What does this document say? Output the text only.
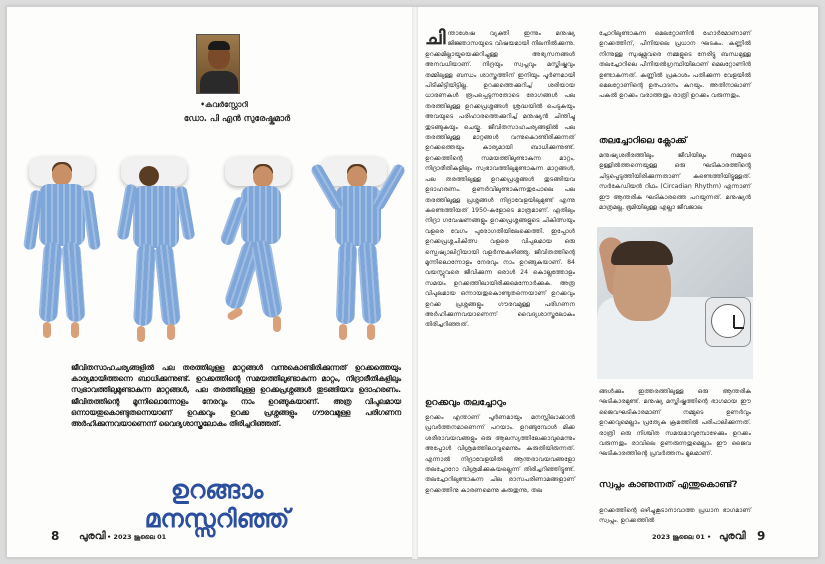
•കവർസ്റ്റോറി
ഡോ. പി എൻ സുരേഷ്കുമാർ
ജീവിതസാഹചര്യങ്ങളിൽ പല തരത്തിലുള്ള മാറ്റങ്ങൾ വന്നുകൊണ്ടിരിക്കുന്നത് ഉറക്കത്തെയും കാര്യമായിത്തന്നെ ബാധിക്കുന്നുണ്ട്. ഉറക്കത്തിന്റെ സമയത്തിലുണ്ടാകുന്ന മാറ്റം, നിദ്രാരീതികളിലും സ്വഭാവത്തിലുമുണ്ടാകുന്ന മാറ്റങ്ങൾ, പല തരത്തിലുള്ള ഉറക്കപ്രശ്നങ്ങൾ തുടങ്ങിയവ ഉദാഹരണം. ജീവിതത്തിന്റെ മൂന്നിലൊന്നോളം നേരവും നാം ഉറങ്ങുകയാണ്. അത്ര വിപുലമായ ഒന്നായതുകൊണ്ടുതന്നെയാണ് ഉറക്കവും ഉറക്ക പ്രശ്നങ്ങളും ഗൗരവമുള്ള പരിഗണന അർഹിക്കുന്നവയാണെന്ന് വൈദ്യശാസ്ത്രലോകം തിരിച്ചറിഞ്ഞത്.
ഉറങ്ങാം
മനസ്സറിഞ്ഞ്
8 പുരവി • 2023 ജൂലൈ 01
ചി ന്താശേഷ വ്യക്തി ഇന്നും മനുഷ്യ ജിജ്ഞാസയുടെ വിഷയമായി നിലനിൽക്കുന്നു. ഉറക്കമില്ലായ്മയെക്കുറിച്ചുള്ള അഭ്യസനങ്ങൾ അനവധിയാണ്. നിദ്രയും സ്വപ്നവും മസ്തിഷ്കവും തമ്മിലുള്ള ബന്ധം ശാസ്ത്രത്തിന് ഇനിയും പൂർണമായി പിടികിട്ടിയിട്ടില്ല. ഉറക്കത്തെക്കുറിച്ച് ശരിയായ ധാരണകൾ രൂപപ്പെടുന്നതോടെ രോഗങ്ങൾ പല തരത്തിലുള്ള ഉറക്കപ്രശ്നങ്ങൾ ശ്രദ്ധയിൽ പെടുകയും അവയുടെ പരിഹാരത്തെക്കുറിച്ച് മനുഷ്യൻ ചിന്തിച്ചു തുടങ്ങുകയും ചെയ്തു. ജീവിതസാഹചര്യങ്ങളിൽ പല തരത്തിലുള്ള മാറ്റങ്ങൾ വന്നുകൊണ്ടിരിക്കുന്നത് ഉറക്കത്തെയും കാര്യമായി ബാധിക്കുന്നുണ്ട്. ഉറക്കത്തിന്റെ സമയത്തിലുണ്ടാകുന്ന മാറ്റം, നിദ്രാരീതികളിലും സ്വഭാവത്തിലുമുണ്ടാകുന്ന മാറ്റങ്ങൾ, പല തരത്തിലുള്ള ഉറക്കപ്രശ്നങ്ങൾ തുടങ്ങിയവ ഉദാഹരണം. ഉണർവിലുണ്ടാകുന്നതുപോലെ പല തരത്തിലുള്ള പ്രശ്നങ്ങൾ നിദ്രാവേളയിലുമുണ്ട് എന്നു കണ്ടെത്തിയത് 1950-കളോടെ മാത്രമാണ്. ഏതിലും നിദ്രാ ഗവേഷണങ്ങളും ഉറക്കപ്രശ്നങ്ങളുടെ ചികിത്സയും വളരെ വേഗം പുരോഗതിയിലേക്കെത്തി. ഇപ്പോൾ ഉറക്കപ്രശ്നചികിത്സ വളരെ വിപുലമായ ഒരു സ്പെഷ്യാലിറ്റിയായി വളർന്നുകഴിഞ്ഞു. ജീവിതത്തിന്റെ മൂന്നിലൊന്നോളം നേരവും നാം ഉറങ്ങുകയാണ്. 84 വയസ്സുവരെ ജീവിക്കുന്ന ഒരാൾ 24 കൊല്ലത്തോളം സമയം ഉറക്കത്തിലായിരിക്കുമെന്നോർക്കുക. അത്ര വിപുലമായ ഒന്നായതുകൊണ്ടുതന്നെയാണ് ഉറക്കവും ഉറക്ക പ്രശ്നങ്ങളും ഗൗരവമുള്ള പരിഗണന അർഹിക്കുന്നവയാണെന്ന് വൈദ്യശാസ്ത്രലോകം തിരിച്ചറിഞ്ഞത്.
ഉറക്കവും തലച്ചോറും
ഉറക്കം എന്താണ് പൂർണമായും മനസ്സിലാക്കാൻ പ്രവർത്തനമാണെന്ന് പറയാം. ഉറങ്ങുമ്പോൾ മിക്ക ശരീരാവയവങ്ങളും ഒരു ആലസ്യത്തിലേക്കാവുമെന്നും അപ്പോൾ വിശ്രമത്തിലാവുമെന്നും കരുതിയിരുന്നത്. എന്നാൽ നിദ്രാവേളയിൽ ആന്തരാവയവങ്ങളോ തലച്ചോറോ വിശ്രമിക്കുകയല്ലെന്ന് തിരിച്ചറിഞ്ഞിട്ടുണ്ട്. തലച്ചോറിലുണ്ടാകുന്ന ചില രാസപരിണാമങ്ങളാണ് ഉറക്കത്തിനു കാരണമെന്നു കരുതുന്നു, തല
ച്ചോറിലുണ്ടാകുന്ന മെലറ്റോണിൻ ഹോർമോണാണ് ഉറക്കത്തിന്, പീനിയലെ പ്രധാന ഘടകം. കണ്ണിൽ നിന്നുള്ള സുഷുമ്നവരെ നമ്മളുടെ നേരിട്ടു ബന്ധമുള്ള തലച്ചോറിലെ പീനിയൽഗ്രന്ഥിയിലാണ് മെലറ്റോണിൻ ഉണ്ടാകുന്നത്. കണ്ണിൽ പ്രകാശം പതിക്കുന്ന വേളയിൽ മെലറ്റോണിന്റെ ഉത്പാദനം കുറയും. അതിനാലാണ് പകൽ ഉറക്കം വരാത്തതും രാത്രി ഉറക്കം വരുന്നതും.
തലച്ചോറിലെ ക്ലോക്ക്
മനുഷ്യശരീരത്തിലും ജീവിയിലും നമ്മുടെ ഉള്ളിൽത്തന്നെയുള്ള ഒരു ഘടികാരത്തിൻ്റെ ചിട്ടപ്പെടുത്തിയിരിക്കുന്നതാണ് കണ്ടെത്തിയിട്ടുള്ളത്. സർകേഡിയൻ റിഥം (Circadian Rhythm) എന്നാണ് ഈ ആന്തരിക ഘടികാരത്തെ പറയുന്നത്. മനുഷ്യൻ മാത്രമല്ല, ഭൂമിയിലുള്ള എല്ലാ ജീവജാല
ങ്ങൾക്കും ഇത്തരത്തിലുള്ള ഒരു ആന്തരിക ഘടികാരമുണ്ട്. മനുഷ്യ മസ്തിഷ്കത്തിന്റെ ഭാഗമായ ഈ ജൈവഘടികാരമാണ് നമ്മുടെ ഉണർവും ഉറക്കവുമെല്ലാം പ്രത്യേക ക്രമത്തിൽ പരിപാലിക്കുന്നത്. രാത്രി ഒരു നിശ്ചിത സമയമാവുമ്പോഴേക്കും ഉറക്കം വരുന്നതും രാവിലെ ഉണരുന്നതുമെല്ലാം ഈ ജൈവ ഘടികാരത്തിന്റെ പ്രവർത്തനം മൂലമാണ്.
സ്വപ്നം കാണുന്നത് എന്തുകൊണ്ട്?
ഉറക്കത്തിന്റെ ഒഴിച്ചുകൂടാനാവാത്ത പ്രധാന ഭാഗമാണ് സ്വപ്നം. ഉറക്കത്തിൽ
2023 ജൂലൈ 01 • പുരവി 9
